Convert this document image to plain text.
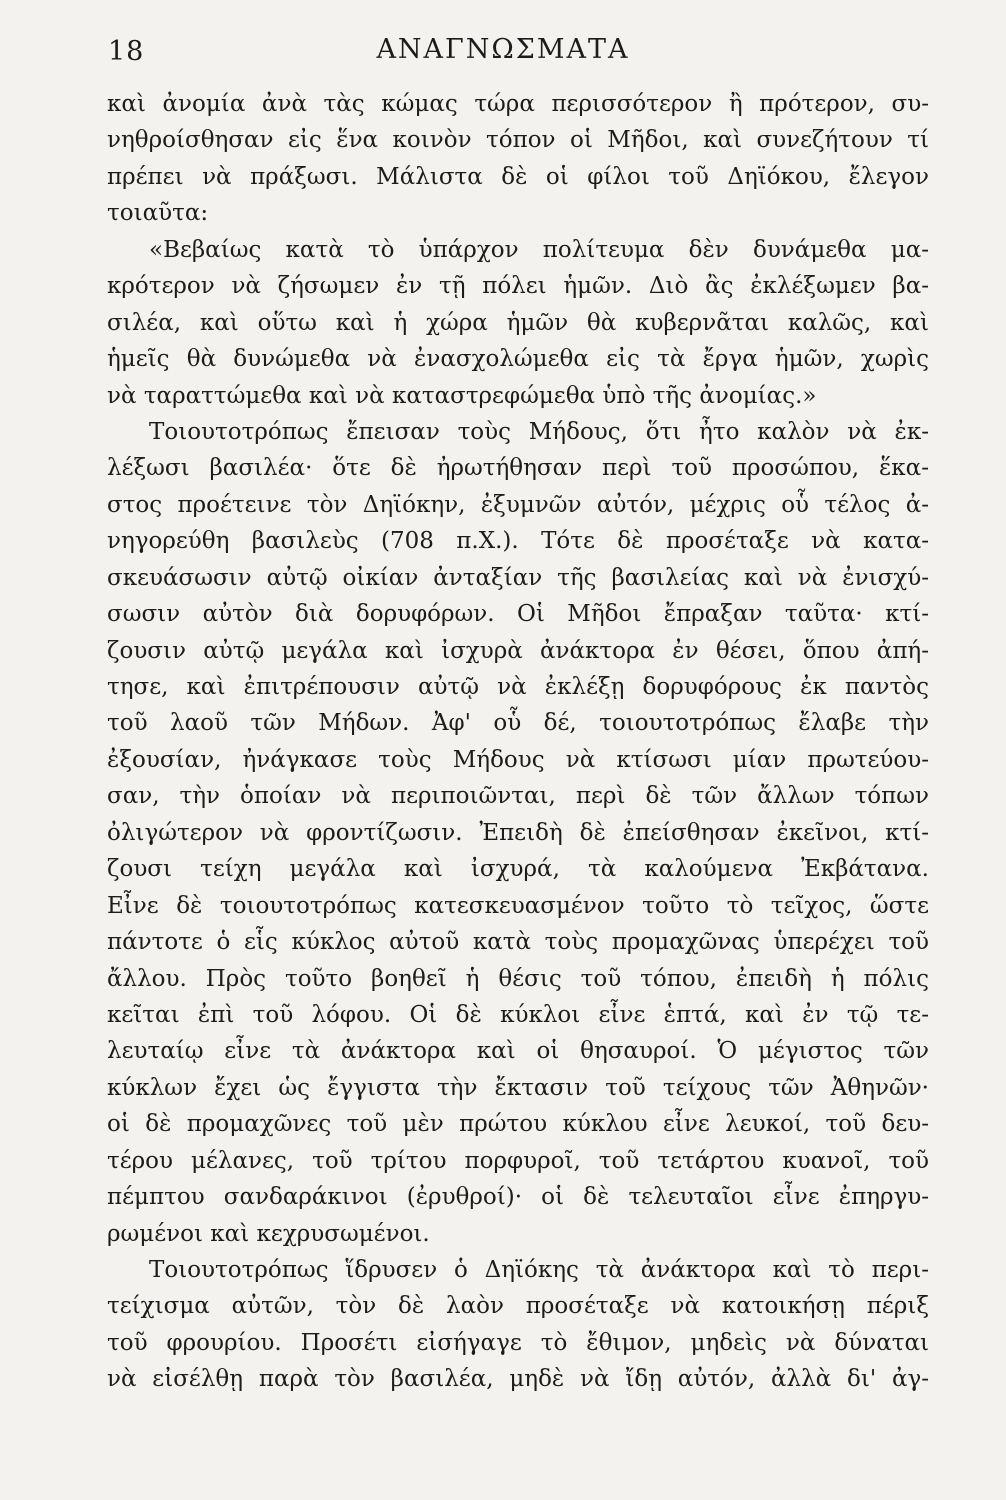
18	ΑΝΑΓΝΩΣΜΑΤΑ
καὶ ἀνομία ἀνὰ τὰς κώμας τώρα περισσότερον ἢ πρότερον, συ-
νηθροίσθησαν εἰς ἕνα κοινὸν τόπον οἱ Μῆδοι, καὶ συνεζήτουν τί
πρέπει νὰ πράξωσι. Μάλιστα δὲ οἱ φίλοι τοῦ Δηϊόκου, ἔλεγον
τοιαῦτα:
«Βεβαίως κατὰ τὸ ὑπάρχον πολίτευμα δὲν δυνάμεθα μα-
κρότερον νὰ ζήσωμεν ἐν τῇ πόλει ἡμῶν. Διὸ ἂς ἐκλέξωμεν βα-
σιλέα, καὶ οὕτω καὶ ἡ χώρα ἡμῶν θὰ κυβερνᾶται καλῶς, καὶ
ἡμεῖς θὰ δυνώμεθα νὰ ἐνασχολώμεθα εἰς τὰ ἔργα ἡμῶν, χωρὶς
νὰ ταραττώμεθα καὶ νὰ καταστρεφώμεθα ὑπὸ τῆς ἀνομίας.»
Τοιουτοτρόπως ἔπεισαν τοὺς Μήδους, ὅτι ἦτο καλὸν νὰ ἐκ-
λέξωσι βασιλέα· ὅτε δὲ ἠρωτήθησαν περὶ τοῦ προσώπου, ἕκα-
στος προέτεινε τὸν Δηϊόκην, ἐξυμνῶν αὐτόν, μέχρις οὗ τέλος ἀ-
νηγορεύθη βασιλεὺς (708 π.Χ.). Τότε δὲ προσέταξε νὰ κατα-
σκευάσωσιν αὐτῷ οἰκίαν ἀνταξίαν τῆς βασιλείας καὶ νὰ ἐνισχύ-
σωσιν αὐτὸν διὰ δορυφόρων. Οἱ Μῆδοι ἔπραξαν ταῦτα· κτί-
ζουσιν αὐτῷ μεγάλα καὶ ἰσχυρὰ ἀνάκτορα ἐν θέσει, ὅπου ἀπή-
τησε, καὶ ἐπιτρέπουσιν αὐτῷ νὰ ἐκλέξῃ δορυφόρους ἐκ παντὸς
τοῦ λαοῦ τῶν Μήδων. Ἀφ' οὗ δέ, τοιουτοτρόπως ἔλαβε τὴν
ἐξουσίαν, ἠνάγκασε τοὺς Μήδους νὰ κτίσωσι μίαν πρωτεύου-
σαν, τὴν ὁποίαν νὰ περιποιῶνται, περὶ δὲ τῶν ἄλλων τόπων
ὀλιγώτερον νὰ φροντίζωσιν. Ἐπειδὴ δὲ ἐπείσθησαν ἐκεῖνοι, κτί-
ζουσι τείχη μεγάλα καὶ ἰσχυρά, τὰ καλούμενα Ἐκβάτανα.
Εἶνε δὲ τοιουτοτρόπως κατεσκευασμένον τοῦτο τὸ τεῖχος, ὥστε
πάντοτε ὁ εἷς κύκλος αὐτοῦ κατὰ τοὺς προμαχῶνας ὑπερέχει τοῦ
ἄλλου. Πρὸς τοῦτο βοηθεῖ ἡ θέσις τοῦ τόπου, ἐπειδὴ ἡ πόλις
κεῖται ἐπὶ τοῦ λόφου. Οἱ δὲ κύκλοι εἶνε ἑπτά, καὶ ἐν τῷ τε-
λευταίῳ εἶνε τὰ ἀνάκτορα καὶ οἱ θησαυροί. Ὁ μέγιστος τῶν
κύκλων ἔχει ὡς ἔγγιστα τὴν ἔκτασιν τοῦ τείχους τῶν Ἀθηνῶν·
οἱ δὲ προμαχῶνες τοῦ μὲν πρώτου κύκλου εἶνε λευκοί, τοῦ δευ-
τέρου μέλανες, τοῦ τρίτου πορφυροῖ, τοῦ τετάρτου κυανοῖ, τοῦ
πέμπτου σανδαράκινοι (ἐρυθροί)· οἱ δὲ τελευταῖοι εἶνε ἐπηργυ-
ρωμένοι καὶ κεχρυσωμένοι.
Τοιουτοτρόπως ἵδρυσεν ὁ Δηϊόκης τὰ ἀνάκτορα καὶ τὸ περι-
τείχισμα αὐτῶν, τὸν δὲ λαὸν προσέταξε νὰ κατοικήσῃ πέριξ
τοῦ φρουρίου. Προσέτι εἰσήγαγε τὸ ἔθιμον, μηδεὶς νὰ δύναται
νὰ εἰσέλθῃ παρὰ τὸν βασιλέα, μηδὲ νὰ ἴδῃ αὐτόν, ἀλλὰ δι' ἀγ-
